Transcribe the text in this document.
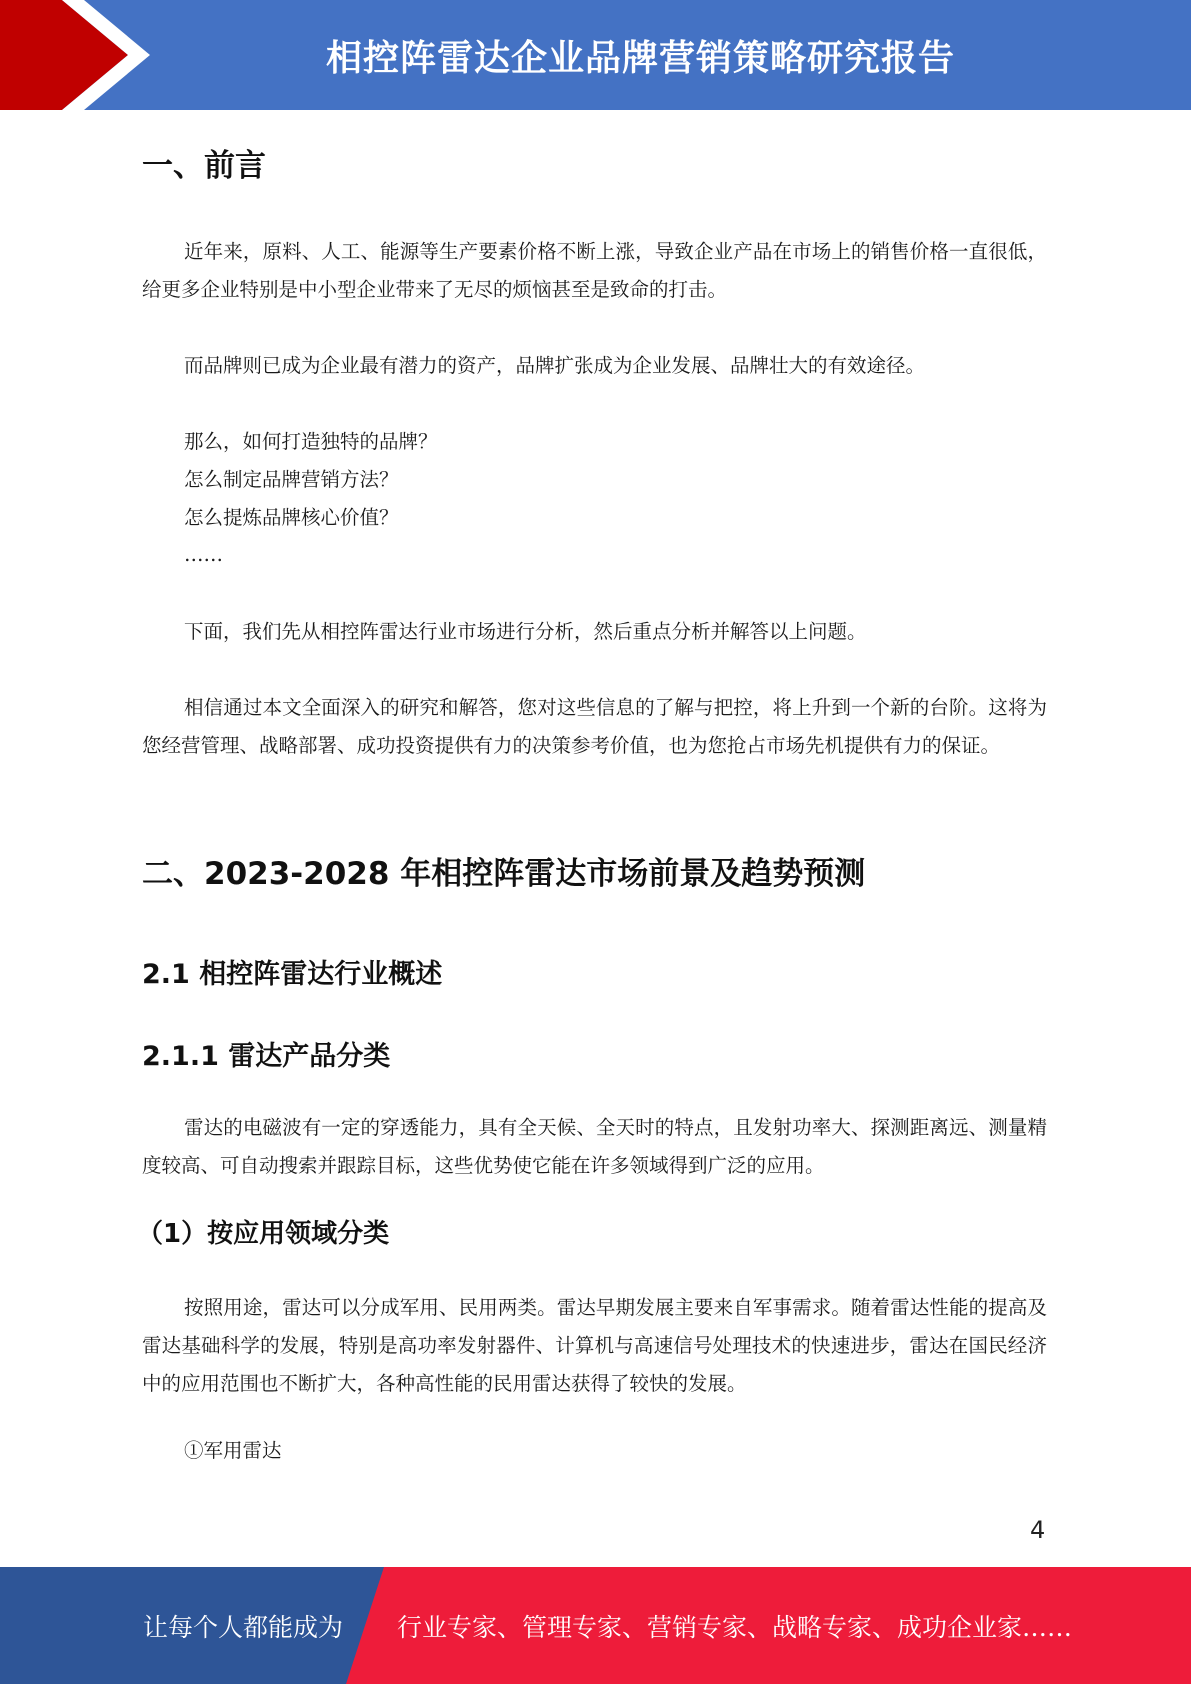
相控阵雷达企业品牌营销策略研究报告
一、前言

近年来，原料、人工、能源等生产要素价格不断上涨，导致企业产品在市场上的销售价格一直很低，给更多企业特别是中小型企业带来了无尽的烦恼甚至是致命的打击。

而品牌则已成为企业最有潜力的资产，品牌扩张成为企业发展、品牌壮大的有效途径。

那么，如何打造独特的品牌？

怎么制定品牌营销方法？

怎么提炼品牌核心价值？

……

下面，我们先从相控阵雷达行业市场进行分析，然后重点分析并解答以上问题。

相信通过本文全面深入的研究和解答，您对这些信息的了解与把控，将上升到一个新的台阶。这将为您经营管理、战略部署、成功投资提供有力的决策参考价值，也为您抢占市场先机提供有力的保证。

二、2023-2028 年相控阵雷达市场前景及趋势预测
2.1 相控阵雷达行业概述
2.1.1 雷达产品分类

雷达的电磁波有一定的穿透能力，具有全天候、全天时的特点，且发射功率大、探测距离远、测量精度较高、可自动搜索并跟踪目标，这些优势使它能在许多领域得到广泛的应用。

（1）按应用领域分类

按照用途，雷达可以分成军用、民用两类。雷达早期发展主要来自军事需求。随着雷达性能的提高及雷达基础科学的发展，特别是高功率发射器件、计算机与高速信号处理技术的快速进步，雷达在国民经济中的应用范围也不断扩大，各种高性能的民用雷达获得了较快的发展。

①军用雷达

4
让每个人都能成为 行业专家、管理专家、营销专家、战略专家、成功企业家……
